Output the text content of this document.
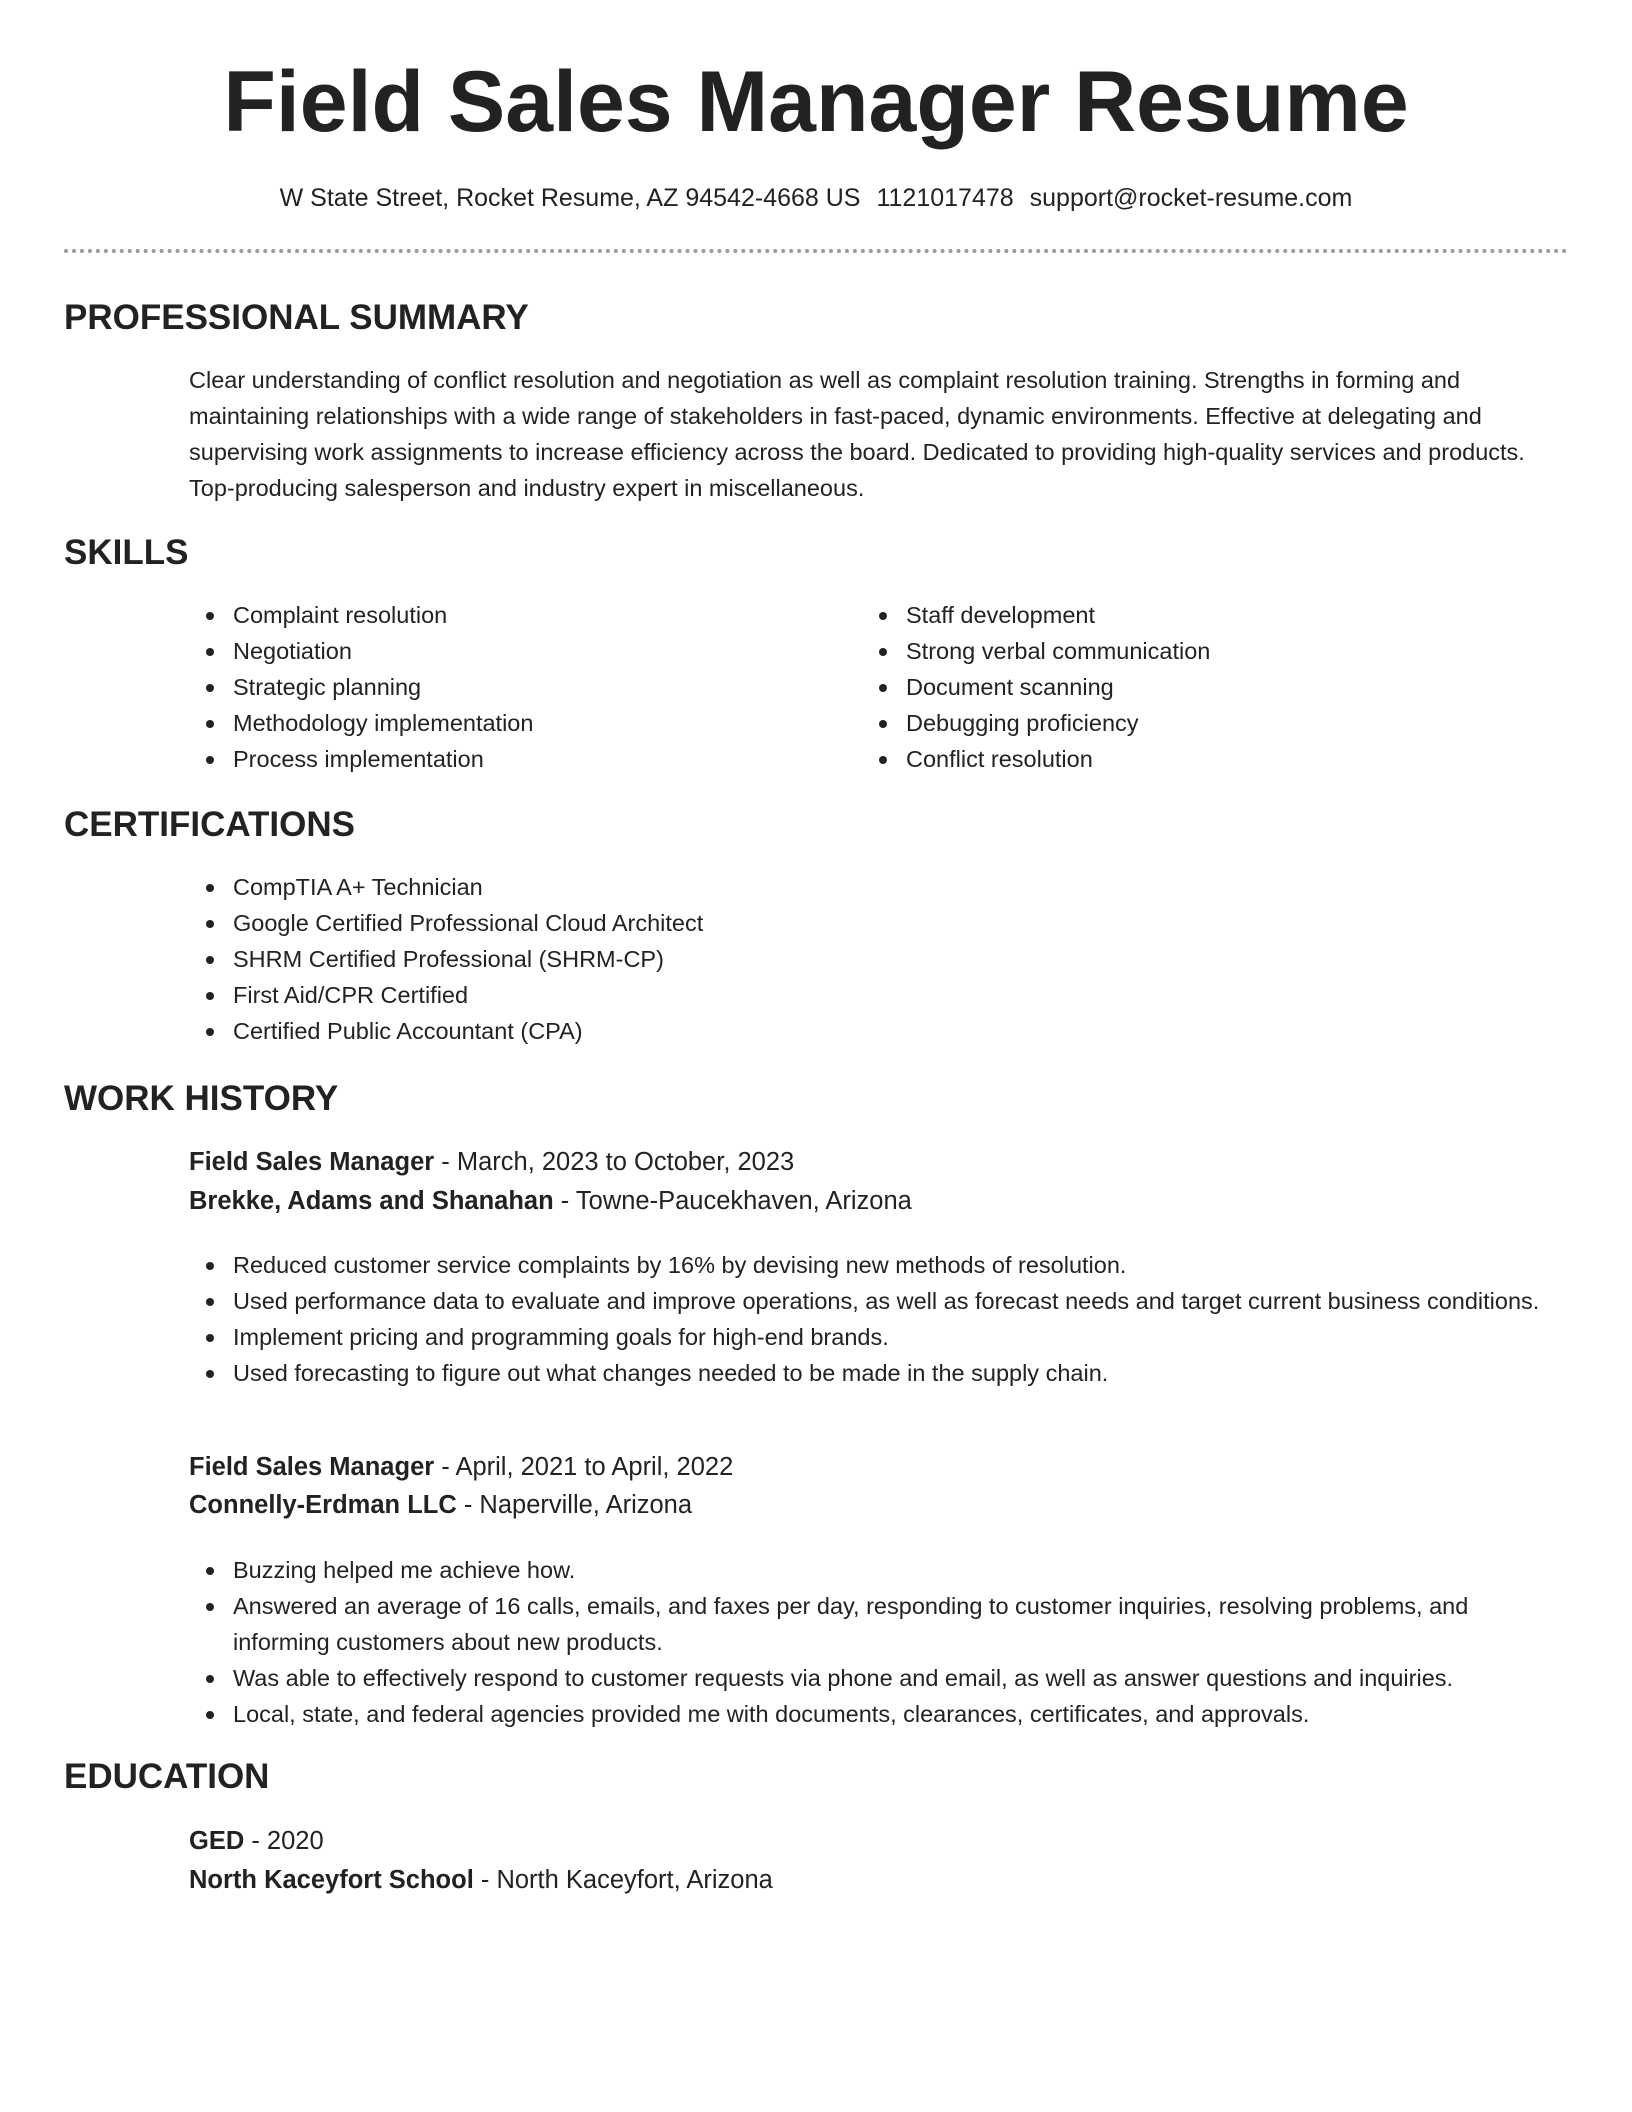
Field Sales Manager Resume
W State Street, Rocket Resume, AZ 94542-4668 US 1121017478 support@rocket-resume.com
PROFESSIONAL SUMMARY

Clear understanding of conflict resolution and negotiation as well as complaint resolution training. Strengths in forming and maintaining relationships with a wide range of stakeholders in fast-paced, dynamic environments. Effective at delegating and supervising work assignments to increase efficiency across the board. Dedicated to providing high-quality services and products. Top-producing salesperson and industry expert in miscellaneous.

SKILLS
Complaint resolution
Negotiation
Strategic planning
Methodology implementation
Process implementation
Staff development
Strong verbal communication
Document scanning
Debugging proficiency
Conflict resolution
CERTIFICATIONS
CompTIA A+ Technician
Google Certified Professional Cloud Architect
SHRM Certified Professional (SHRM-CP)
First Aid/CPR Certified
Certified Public Accountant (CPA)
WORK HISTORY
Field Sales Manager - March, 2023 to October, 2023
Brekke, Adams and Shanahan - Towne-Paucekhaven, Arizona
Reduced customer service complaints by 16% by devising new methods of resolution.
Used performance data to evaluate and improve operations, as well as forecast needs and target current business conditions.
Implement pricing and programming goals for high-end brands.
Used forecasting to figure out what changes needed to be made in the supply chain.
Field Sales Manager - April, 2021 to April, 2022
Connelly-Erdman LLC - Naperville, Arizona
Buzzing helped me achieve how.
Answered an average of 16 calls, emails, and faxes per day, responding to customer inquiries, resolving problems, and informing customers about new products.
Was able to effectively respond to customer requests via phone and email, as well as answer questions and inquiries.
Local, state, and federal agencies provided me with documents, clearances, certificates, and approvals.
EDUCATION
GED - 2020
North Kaceyfort School - North Kaceyfort, Arizona
